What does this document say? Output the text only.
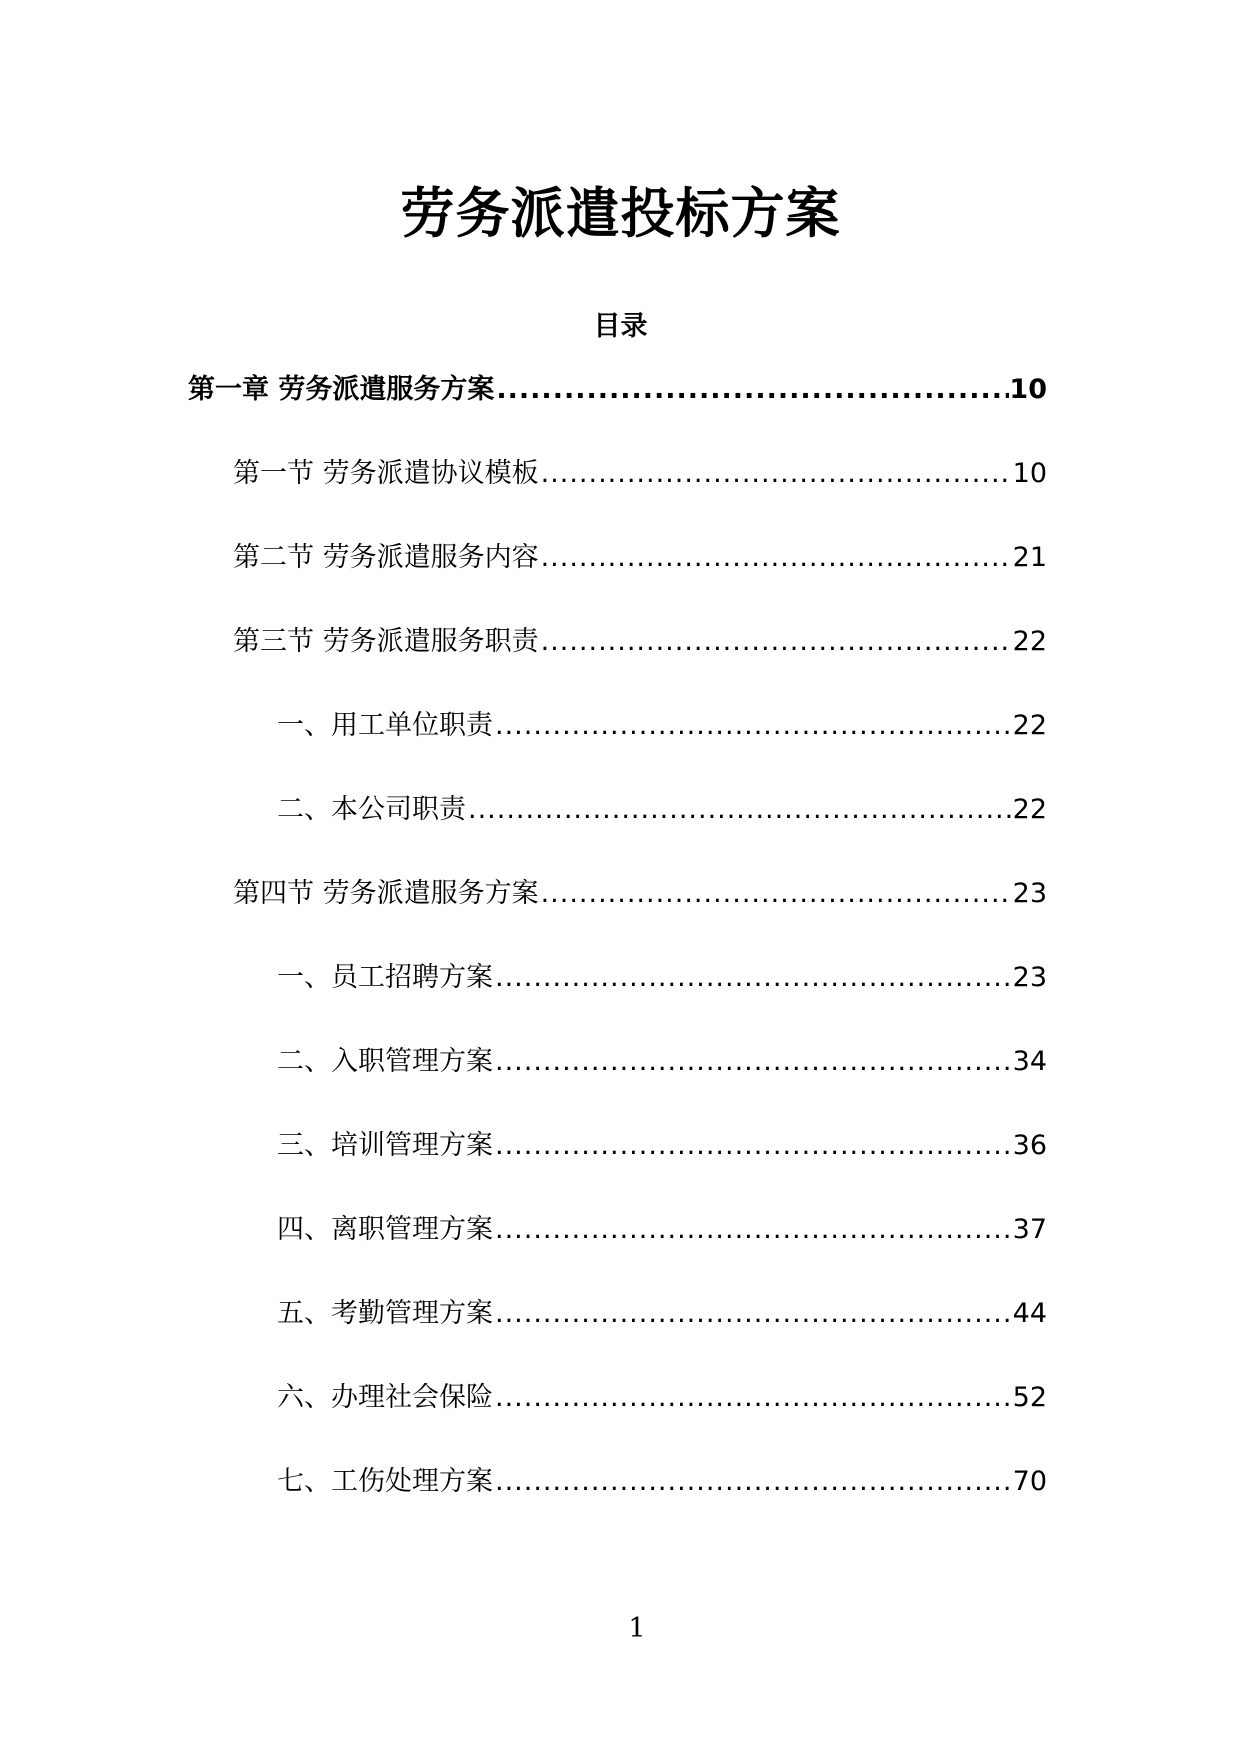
劳务派遣投标方案
目录
第一章 劳务派遣服务方案 .....	10
第一节 劳务派遣协议模板 .....	10
第二节 劳务派遣服务内容 .....	21
第三节 劳务派遣服务职责 .....	22
一、用工单位职责 .....	22
二、本公司职责 .....	22
第四节 劳务派遣服务方案 .....	23
一、员工招聘方案 .....	23
二、入职管理方案 .....	34
三、培训管理方案 .....	36
四、离职管理方案 .....	37
五、考勤管理方案 .....	44
六、办理社会保险 .....	52
七、工伤处理方案 .....	70
1
